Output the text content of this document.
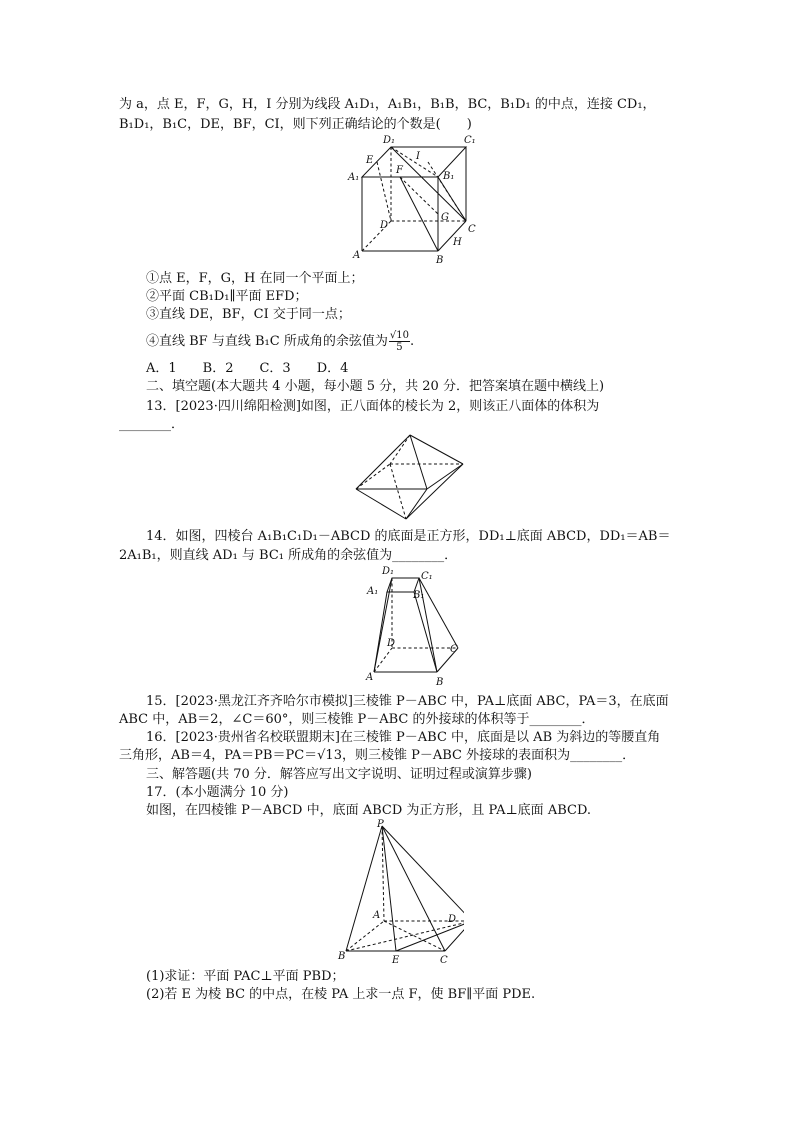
为 a，点 E，F，G，H，I 分别为线段 A₁D₁，A₁B₁，B₁B，BC，B₁D₁ 的中点，连接 CD₁，
B₁D₁，B₁C，DE，BF，CI，则下列正确结论的个数是(　　)
D₁	C₁
E	I
A₁
F
B₁
D
G
C
A
H
B
①点 E，F，G，H 在同一个平面上；
②平面 CB₁D₁∥平面 EFD；
③直线 DE，BF，CI 交于同一点；
④直线 BF 与直线 B₁C 所成角的余弦值为 $\frac{√10}{5}$ .
A．1　　B．2　　C．3　　D．4
二、填空题(本大题共 4 小题，每小题 5 分，共 20 分．把答案填在题中横线上)
13．[2023·四川绵阳检测]如图，正八面体的棱长为 2，则该正八面体的体积为
________．
14．如图，四棱台 A₁B₁C₁D₁－ABCD 的底面是正方形，DD₁⊥底面 ABCD，DD₁＝AB＝
2A₁B₁，则直线 AD₁ 与 BC₁ 所成角的余弦值为________．
D₁	C₁
A₁	B₁
D
C
A	B
15．[2023·黑龙江齐齐哈尔市模拟]三棱锥 P－ABC 中，PA⊥底面 ABC，PA＝3，在底面
ABC 中，AB＝2，∠C＝60°，则三棱锥 P－ABC 的外接球的体积等于________．
16．[2023·贵州省名校联盟期末]在三棱锥 P－ABC 中，底面是以 AB 为斜边的等腰直角
三角形，AB＝4，PA＝PB＝PC＝√13，则三棱锥 P－ABC 外接球的表面积为________．
三、解答题(共 70 分．解答应写出文字说明、证明过程或演算步骤)
17．(本小题满分 10 分)
如图，在四棱锥 P－ABCD 中，底面 ABCD 为正方形，且 PA⊥底面 ABCD.
P
A	D
B	E	C
(1)求证：平面 PAC⊥平面 PBD；
(2)若 E 为棱 BC 的中点，在棱 PA 上求一点 F，使 BF∥平面 PDE.
